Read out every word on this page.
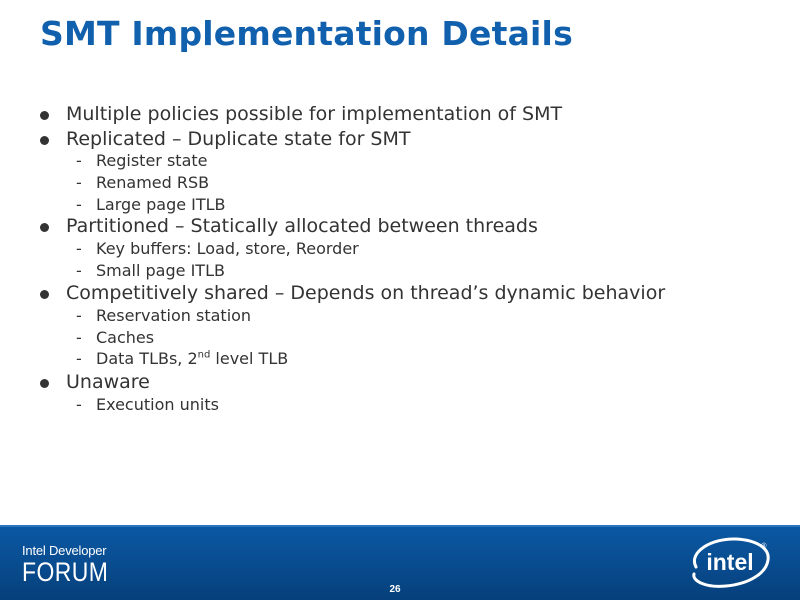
SMT Implementation Details
Multiple policies possible for implementation of SMT
Replicated – Duplicate state for SMT
- Register state
- Renamed RSB
- Large page ITLB
Partitioned – Statically allocated between threads
- Key buffers: Load, store, Reorder
- Small page ITLB
Competitively shared – Depends on thread’s dynamic behavior
- Reservation station
- Caches
- Data TLBs, 2nd level TLB
Unaware
- Execution units
Intel Developer
FORUM
26
intel
®
